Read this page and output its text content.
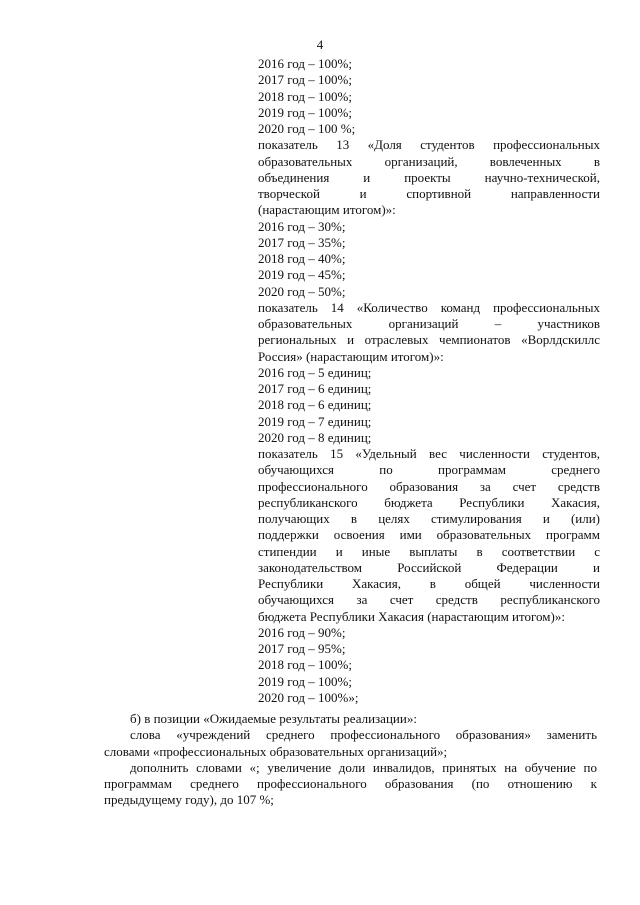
4
2016 год – 100%;
2017 год – 100%;
2018 год – 100%;
2019 год – 100%;
2020 год – 100 %;
показатель 13 «Доля студентов профессиональных
образовательных организаций, вовлеченных в
объединения и проекты научно-технической,
творческой и спортивной направленности
(нарастающим итогом)»:
2016 год – 30%;
2017 год – 35%;
2018 год – 40%;
2019 год – 45%;
2020 год – 50%;
показатель 14 «Количество команд профессиональных
образовательных организаций – участников
региональных и отраслевых чемпионатов «Ворлдскиллс
Россия» (нарастающим итогом)»:
2016 год – 5 единиц;
2017 год – 6 единиц;
2018 год – 6 единиц;
2019 год – 7 единиц;
2020 год – 8 единиц;
показатель 15 «Удельный вес численности студентов,
обучающихся по программам среднего
профессионального образования за счет средств
республиканского бюджета Республики Хакасия,
получающих в целях стимулирования и (или)
поддержки освоения ими образовательных программ
стипендии и иные выплаты в соответствии с
законодательством Российской Федерации и
Республики Хакасия, в общей численности
обучающихся за счет средств республиканского
бюджета Республики Хакасия (нарастающим итогом)»:
2016 год – 90%;
2017 год – 95%;
2018 год – 100%;
2019 год – 100%;
2020 год – 100%»;
б) в позиции «Ожидаемые результаты реализации»:
слова «учреждений среднего профессионального образования» заменить
словами «профессиональных образовательных организаций»;
дополнить словами «; увеличение доли инвалидов, принятых на обучение по
программам среднего профессионального образования (по отношению к
предыдущему году), до 107 %;
